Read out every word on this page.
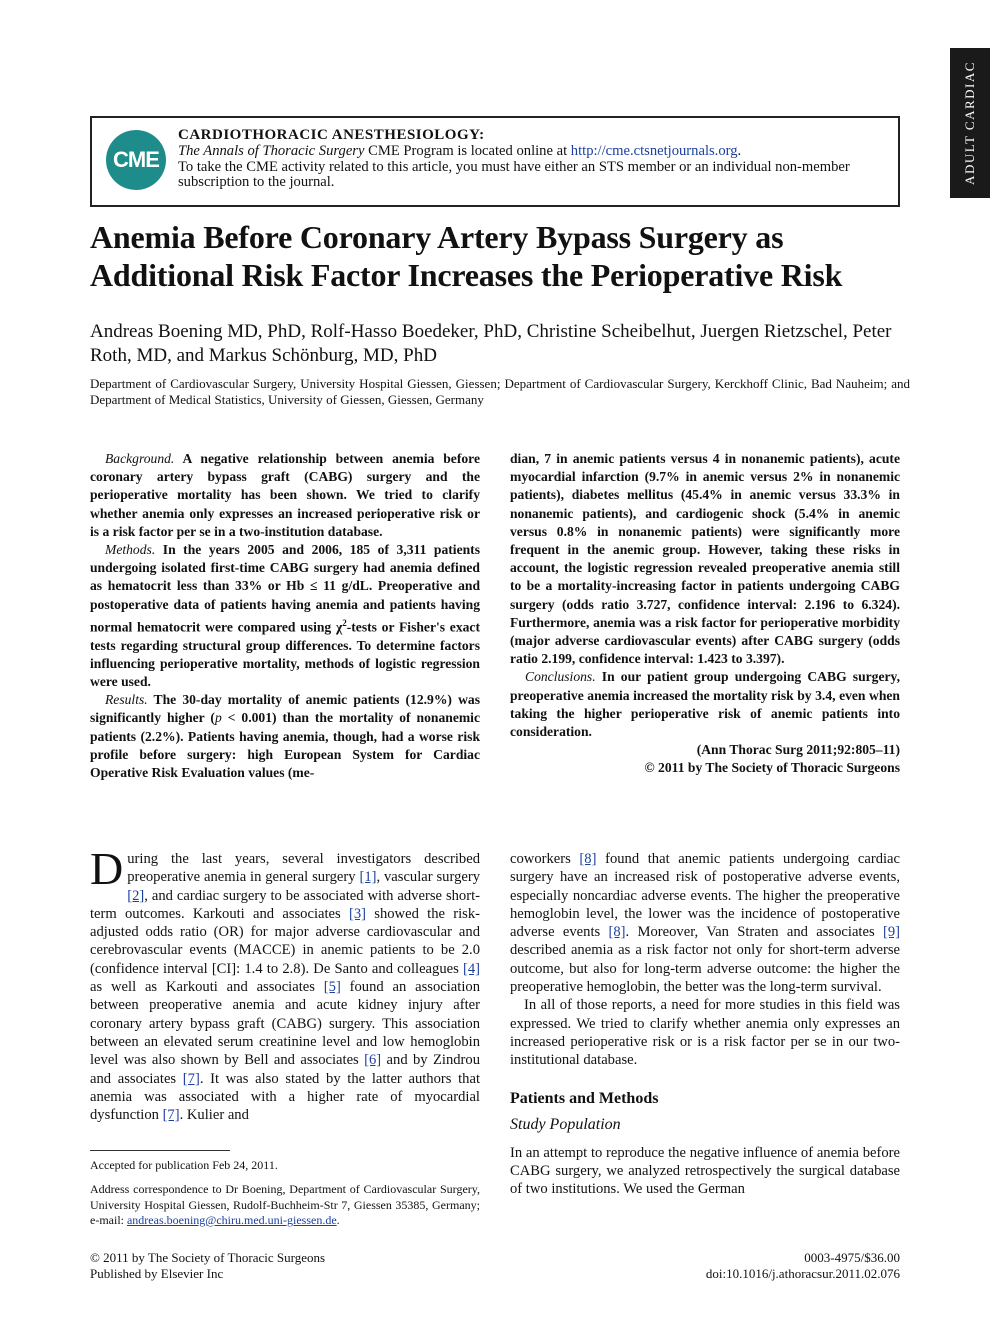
ADULT CARDIAC
CME
CARDIOTHORACIC ANESTHESIOLOGY:
The Annals of Thoracic Surgery CME Program is located online at http://cme.ctsnetjournals.org.
To take the CME activity related to this article, you must have either an STS member or an individual non-member subscription to the journal.
Anemia Before Coronary Artery Bypass Surgery as Additional Risk Factor Increases the Perioperative Risk
Andreas Boening MD, PhD, Rolf-Hasso Boedeker, PhD, Christine Scheibelhut, Juergen Rietzschel, Peter Roth, MD, and Markus Schönburg, MD, PhD
Department of Cardiovascular Surgery, University Hospital Giessen, Giessen; Department of Cardiovascular Surgery, Kerckhoff Clinic, Bad Nauheim; and Department of Medical Statistics, University of Giessen, Giessen, Germany

Background. A negative relationship between anemia before coronary artery bypass graft (CABG) surgery and the perioperative mortality has been shown. We tried to clarify whether anemia only expresses an increased perioperative risk or is a risk factor per se in a two-institution database.

Methods. In the years 2005 and 2006, 185 of 3,311 patients undergoing isolated first-time CABG surgery had anemia defined as hematocrit less than 33% or Hb ≤ 11 g/dL. Preoperative and postoperative data of patients having anemia and patients having normal hematocrit were compared using $\chi^2$-tests or Fisher's exact tests regarding structural group differences. To determine factors influencing perioperative mortality, methods of logistic regression were used.

Results. The 30-day mortality of anemic patients (12.9%) was significantly higher (p < 0.001) than the mortality of nonanemic patients (2.2%). Patients having anemia, though, had a worse risk profile before surgery: high European System for Cardiac Operative Risk Evaluation values (me-

dian, 7 in anemic patients versus 4 in nonanemic patients), acute myocardial infarction (9.7% in anemic versus 2% in nonanemic patients), diabetes mellitus (45.4% in anemic versus 33.3% in nonanemic patients), and cardiogenic shock (5.4% in anemic versus 0.8% in nonanemic patients) were significantly more frequent in the anemic group. However, taking these risks in account, the logistic regression revealed preoperative anemia still to be a mortality-increasing factor in patients undergoing CABG surgery (odds ratio 3.727, confidence interval: 2.196 to 6.324). Furthermore, anemia was a risk factor for perioperative morbidity (major adverse cardiovascular events) after CABG surgery (odds ratio 2.199, confidence interval: 1.423 to 3.397).

Conclusions. In our patient group undergoing CABG surgery, preoperative anemia increased the mortality risk by 3.4, even when taking the higher perioperative risk of anemic patients into consideration.

(Ann Thorac Surg 2011;92:805–11)
© 2011 by The Society of Thoracic Surgeons

During the last years, several investigators described preoperative anemia in general surgery [1], vascular surgery [2], and cardiac surgery to be associated with adverse short-term outcomes. Karkouti and associates [3] showed the risk-adjusted odds ratio (OR) for major adverse cardiovascular and cerebrovascular events (MACCE) in anemic patients to be 2.0 (confidence interval [CI]: 1.4 to 2.8). De Santo and colleagues [4] as well as Karkouti and associates [5] found an association between preoperative anemia and acute kidney injury after coronary artery bypass graft (CABG) surgery. This association between an elevated serum creatinine level and low hemoglobin level was also shown by Bell and associates [6] and by Zindrou and associates [7]. It was also stated by the latter authors that anemia was associated with a higher rate of myocardial dysfunction [7]. Kulier and

coworkers [8] found that anemic patients undergoing cardiac surgery have an increased risk of postoperative adverse events, especially noncardiac adverse events. The higher the preoperative hemoglobin level, the lower was the incidence of postoperative adverse events [8]. Moreover, Van Straten and associates [9] described anemia as a risk factor not only for short-term adverse outcome, but also for long-term adverse outcome: the higher the preoperative hemoglobin, the better was the long-term survival.

In all of those reports, a need for more studies in this field was expressed. We tried to clarify whether anemia only expresses an increased perioperative risk or is a risk factor per se in our two-institutional database.

Patients and Methods
Study Population

In an attempt to reproduce the negative influence of anemia before CABG surgery, we analyzed retrospectively the surgical database of two institutions. We used the German

Accepted for publication Feb 24, 2011.
Address correspondence to Dr Boening, Department of Cardiovascular Surgery, University Hospital Giessen, Rudolf-Buchheim-Str 7, Giessen 35385, Germany; e-mail: andreas.boening@chiru.med.uni-giessen.de.
© 2011 by The Society of Thoracic Surgeons
Published by Elsevier Inc
0003-4975/$36.00
doi:10.1016/j.athoracsur.2011.02.076
